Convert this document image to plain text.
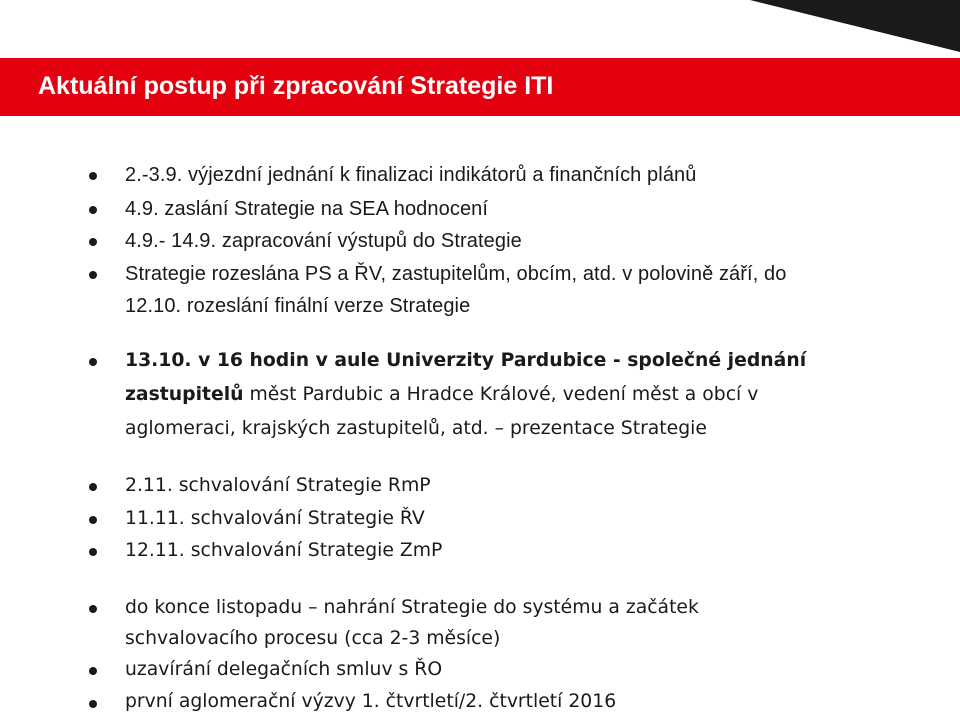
Aktuální postup při zpracování Strategie ITI

2.-3.9. výjezdní jednání k finalizaci indikátorů a finančních plánů

4.9. zaslání Strategie na SEA hodnocení

4.9.- 14.9. zapracování výstupů do Strategie

Strategie rozeslána PS a ŘV, zastupitelům, obcím, atd. v polovině září, do

12.10. rozeslání finální verze Strategie

13.10. v 16 hodin v aule Univerzity Pardubice - společné jednání

zastupitelů měst Pardubic a Hradce Králové, vedení měst a obcí v

aglomeraci, krajských zastupitelů, atd. – prezentace Strategie

2.11. schvalování Strategie RmP

11.11. schvalování Strategie ŘV

12.11. schvalování Strategie ZmP

do konce listopadu – nahrání Strategie do systému a začátek

schvalovacího procesu (cca 2-3 měsíce)

uzavírání delegačních smluv s ŘO

první aglomerační výzvy 1. čtvrtletí/2. čtvrtletí 2016
